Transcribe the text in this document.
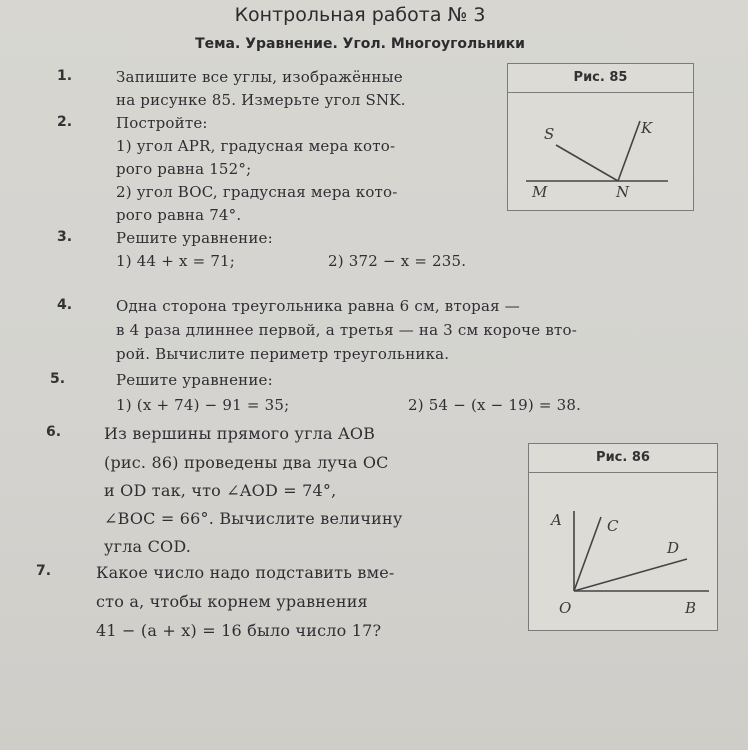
Контрольная работа № 3
Тема. Уравнение. Угол. Многоугольники
1.	Запишите все углы, изображённые
на рисунке 85. Измерьте угол SNK.
2.	Постройте:
1) угол APR, градусная мера кото-
рого равна 152°;
2) угол BOC, градусная мера кото-
рого равна 74°.
3.	Решите уравнение:
1) 44 + x = 71;	2) 372 − x = 235.
4.	Одна сторона треугольника равна 6 см, вторая —
в 4 раза длиннее первой, а третья — на 3 см короче вто-
рой. Вычислите периметр треугольника.
5.	Решите уравнение:
1) (x + 74) − 91 = 35;	2) 54 − (x − 19) = 38.
6.	Из вершины прямого угла AOB
(рис. 86) проведены два луча OC
и OD так, что ∠AOD = 74°,
∠BOC = 66°. Вычислите величину
угла COD.
7.	Какое число надо подставить вме-
сто a, чтобы корнем уравнения
41 − (a + x) = 16 было число 17?
Рис. 85
S	K
M	N
Рис. 86
A	C
D
O	B
